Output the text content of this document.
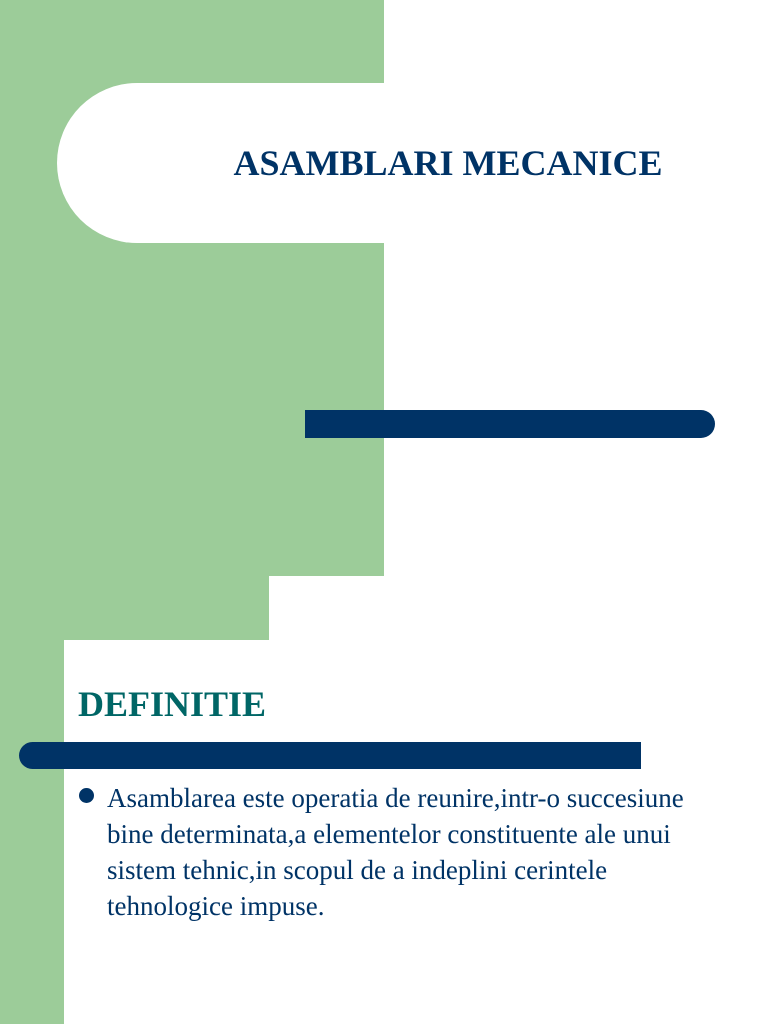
ASAMBLARI MECANICE
DEFINITIE
Asamblarea este operatia de reunire,intr-o succesiune bine determinata,a elementelor constituente ale unui sistem tehnic,in scopul de a indeplini cerintele tehnologice impuse.
